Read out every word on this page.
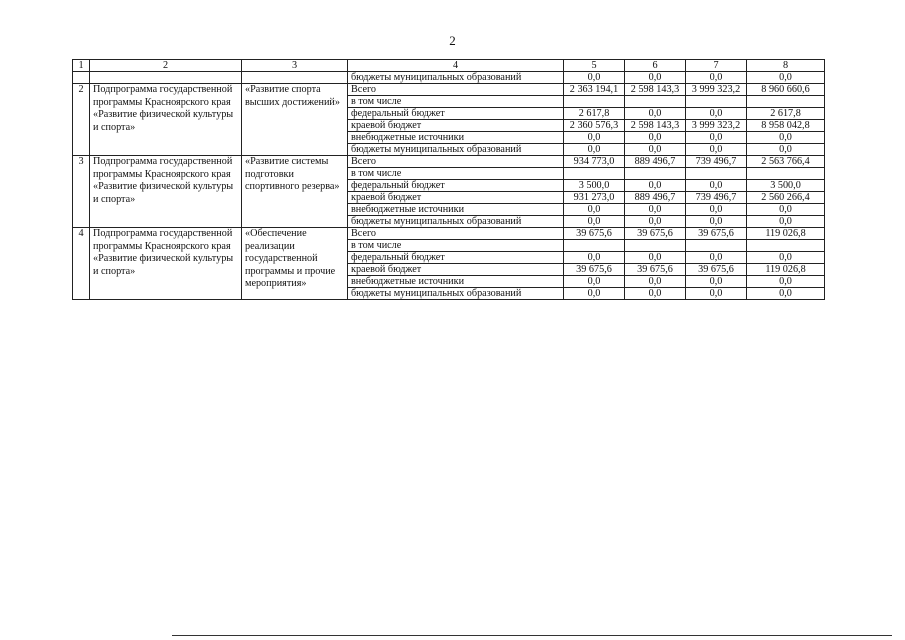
2
1	2	3	4	5	6	7	8
			бюджеты муниципальных образований	0,0	0,0	0,0	0,0
2	Подпрограмма государственной программы Красноярского края «Развитие физической культуры и спорта»	«Развитие спорта высших достижений»	Всего	2 363 194,1	2 598 143,3	3 999 323,2	8 960 660,6
			в том числе				
			федеральный бюджет	2 617,8	0,0	0,0	2 617,8
			краевой бюджет	2 360 576,3	2 598 143,3	3 999 323,2	8 958 042,8
			внебюджетные источники	0,0	0,0	0,0	0,0
			бюджеты муниципальных образований	0,0	0,0	0,0	0,0
3	Подпрограмма государственной программы Красноярского края «Развитие физической культуры и спорта»	«Развитие системы подготовки спортивного резерва»	Всего	934 773,0	889 496,7	739 496,7	2 563 766,4
			в том числе				
			федеральный бюджет	3 500,0	0,0	0,0	3 500,0
			краевой бюджет	931 273,0	889 496,7	739 496,7	2 560 266,4
			внебюджетные источники	0,0	0,0	0,0	0,0
			бюджеты муниципальных образований	0,0	0,0	0,0	0,0
4	Подпрограмма государственной программы Красноярского края «Развитие физической культуры и спорта»	«Обеспечение реализации государственной программы и прочие мероприятия»	Всего	39 675,6	39 675,6	39 675,6	119 026,8
			в том числе				
			федеральный бюджет	0,0	0,0	0,0	0,0
			краевой бюджет	39 675,6	39 675,6	39 675,6	119 026,8
			внебюджетные источники	0,0	0,0	0,0	0,0
			бюджеты муниципальных образований	0,0	0,0	0,0	0,0
